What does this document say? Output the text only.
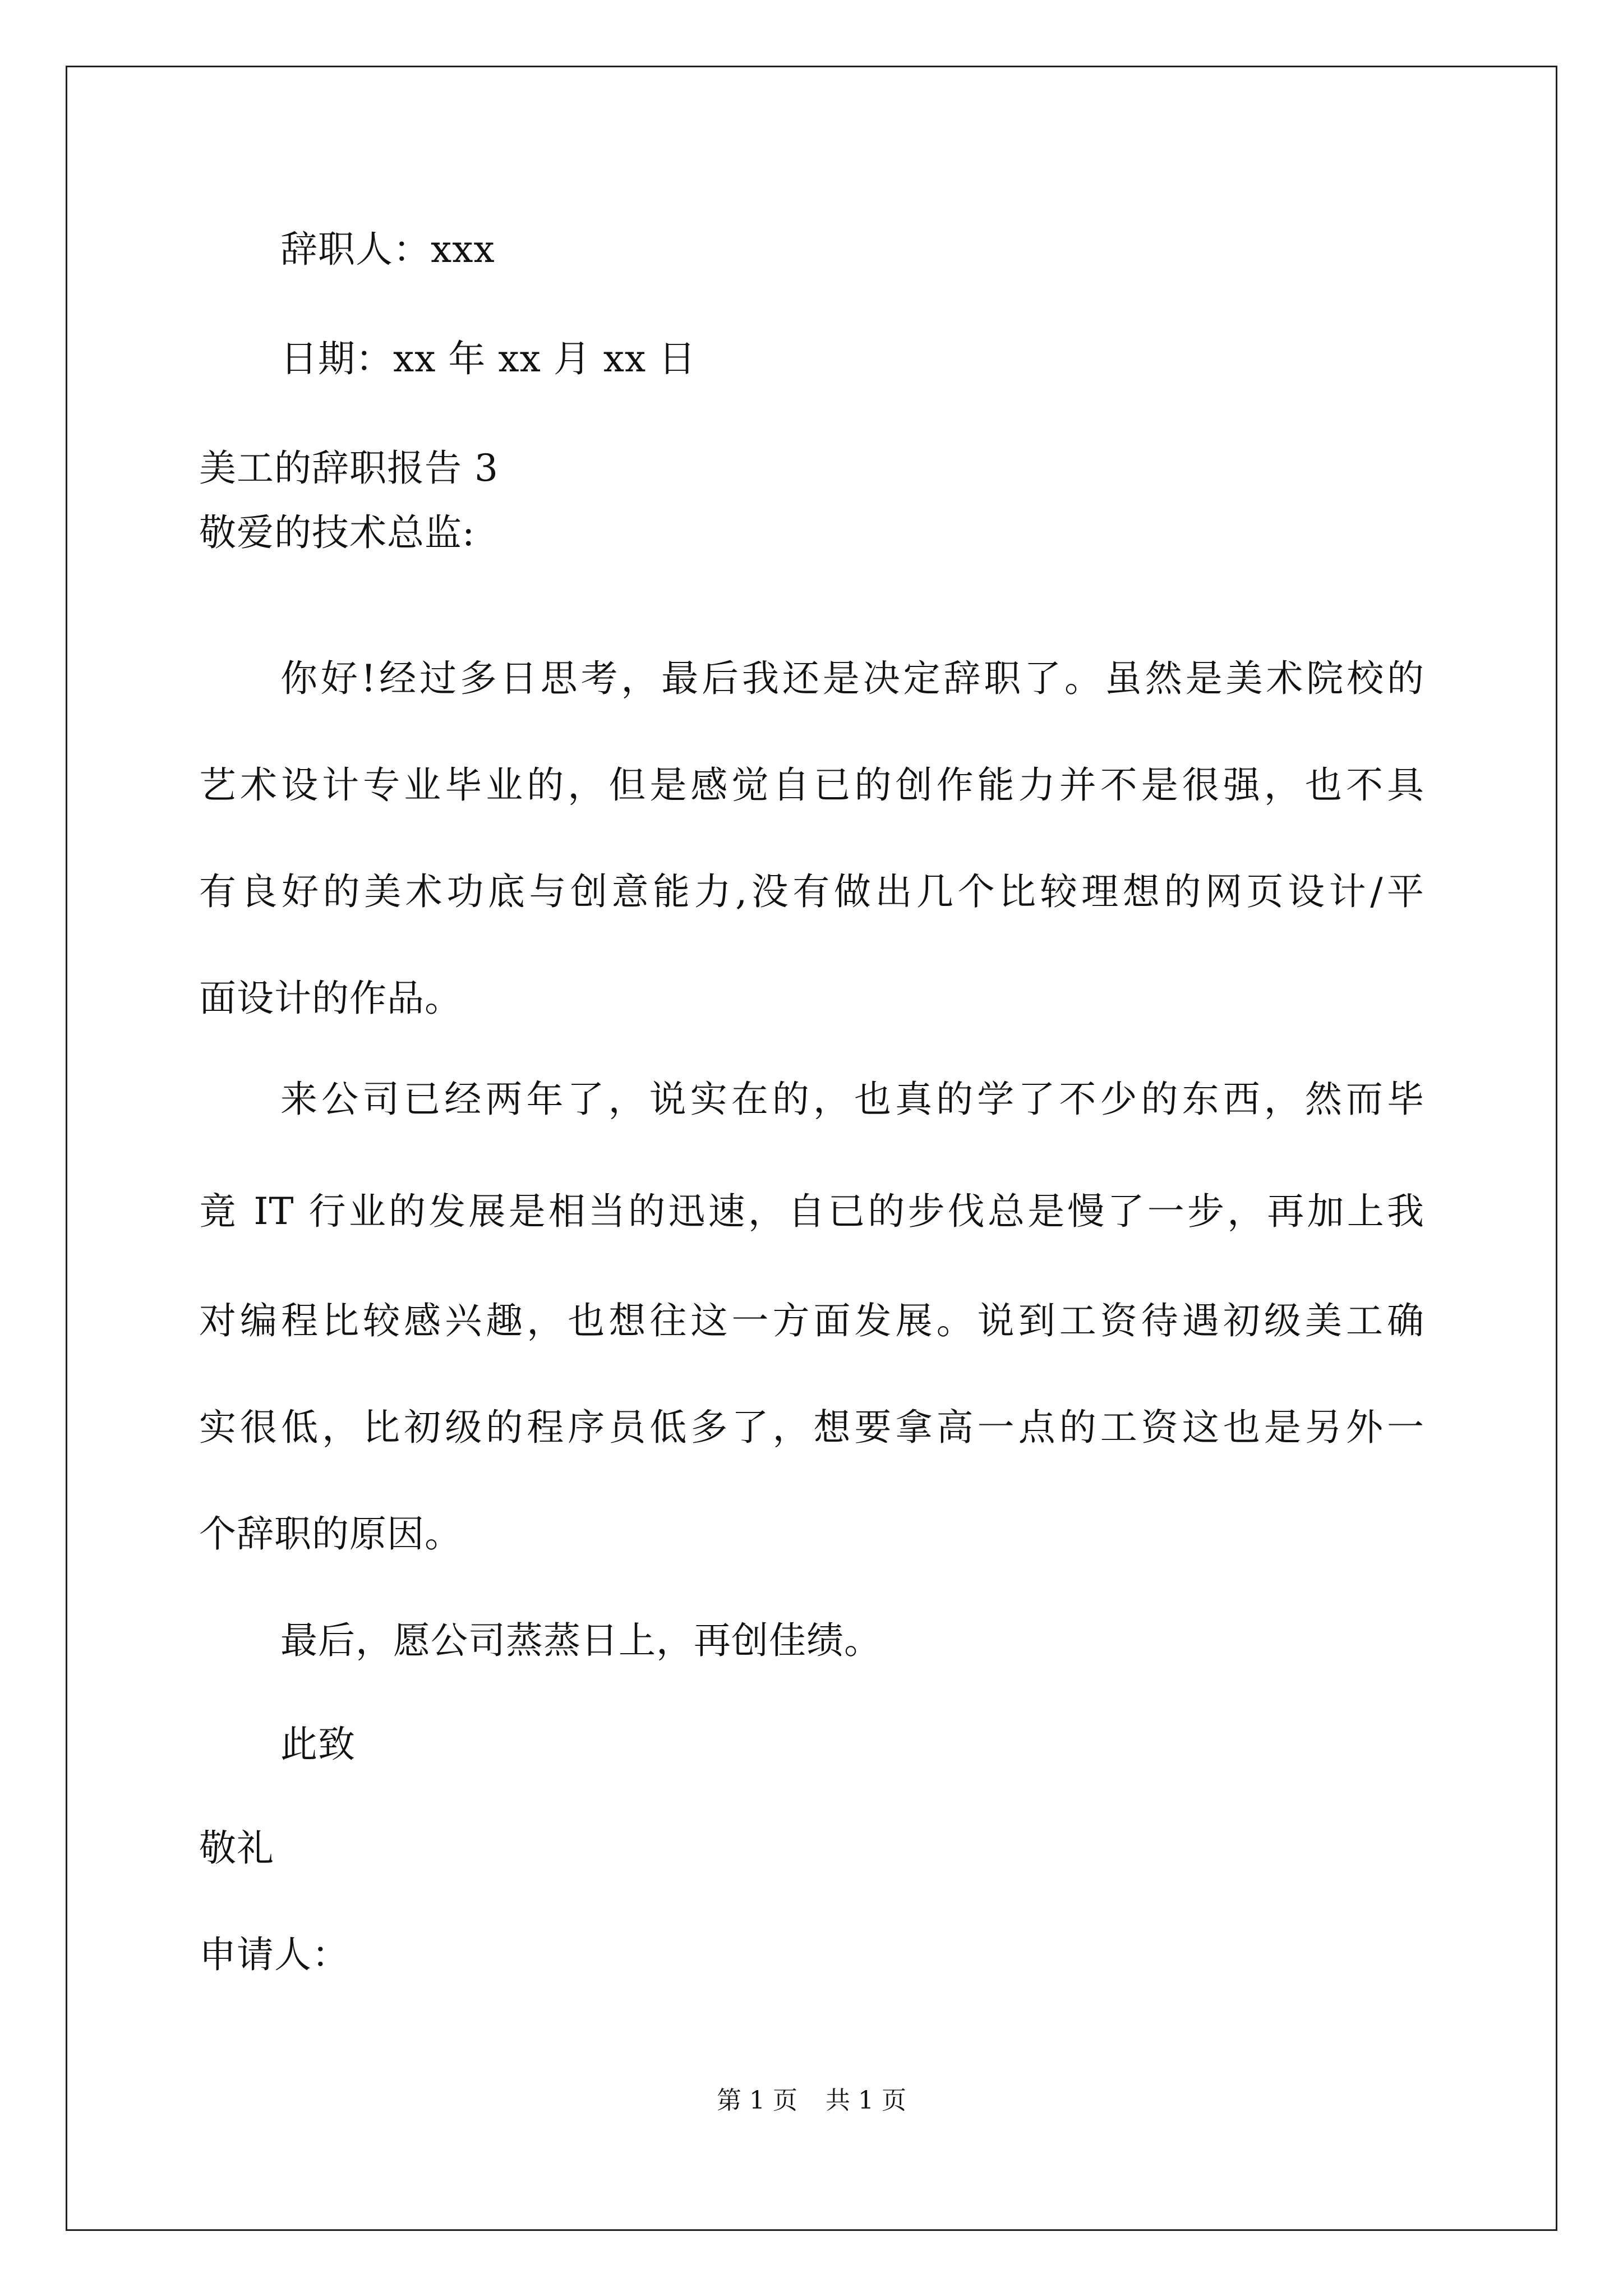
辞职人：xxx
日期：xx 年 xx 月 xx 日
美工的辞职报告 3
敬爱的技术总监:
你好!经过多日思考，最后我还是决定辞职了。虽然是美术院校的
艺术设计专业毕业的，但是感觉自已的创作能力并不是很强，也不具
有良好的美术功底与创意能力,没有做出几个比较理想的网页设计/平
面设计的作品。
来公司已经两年了，说实在的，也真的学了不少的东西，然而毕
竟 IT 行业的发展是相当的迅速，自已的步伐总是慢了一步，再加上我
对编程比较感兴趣，也想往这一方面发展。说到工资待遇初级美工确
实很低，比初级的程序员低多了，想要拿高一点的工资这也是另外一
个辞职的原因。
最后，愿公司蒸蒸日上，再创佳绩。
此致
敬礼
申请人：
第 1 页 共 1 页
